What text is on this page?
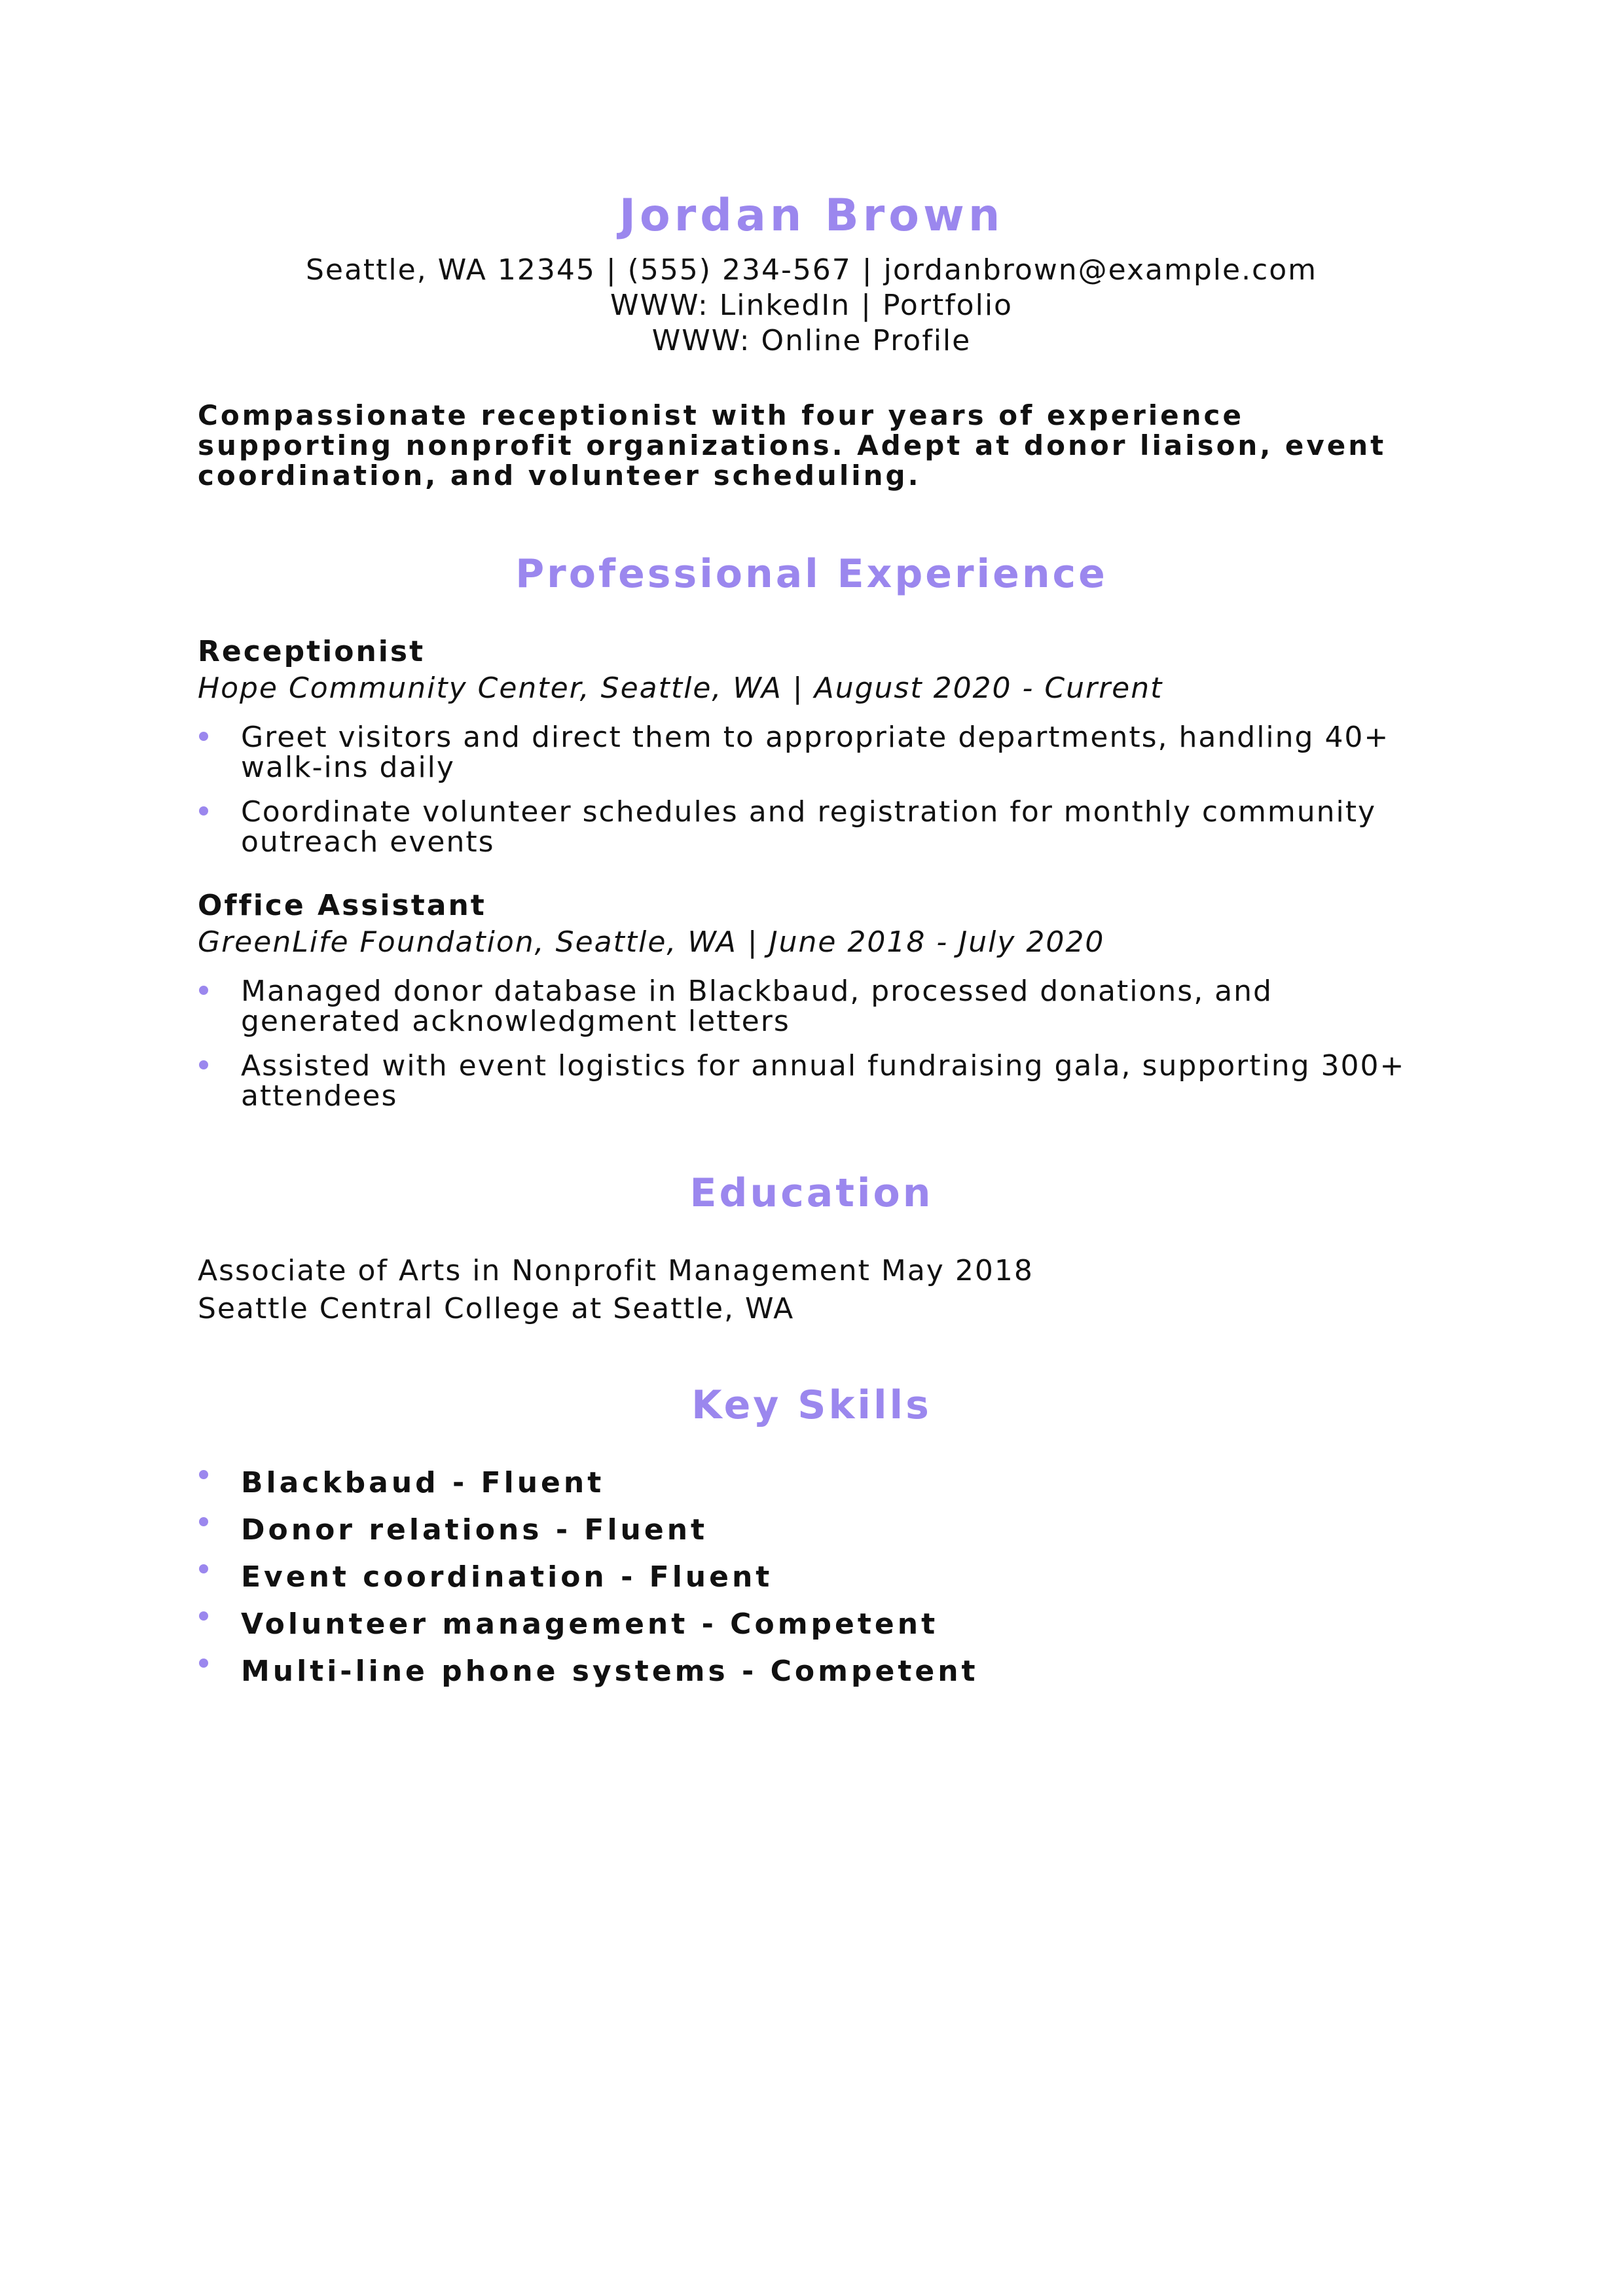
Jordan Brown
Seattle, WA 12345 | (555) 234-567 | jordanbrown@example.com
WWW: LinkedIn | Portfolio
WWW: Online Profile
Compassionate receptionist with four years of experience supporting nonprofit organizations. Adept at donor liaison, event coordination, and volunteer scheduling.
Professional Experience
Receptionist
Hope Community Center, Seattle, WA | August 2020 - Current
Greet visitors and direct them to appropriate departments, handling 40+ walk-ins daily
Coordinate volunteer schedules and registration for monthly community outreach events
Office Assistant
GreenLife Foundation, Seattle, WA | June 2018 - July 2020
Managed donor database in Blackbaud, processed donations, and generated acknowledgment letters
Assisted with event logistics for annual fundraising gala, supporting 300+ attendees
Education
Associate of Arts in Nonprofit Management May 2018
Seattle Central College at Seattle, WA
Key Skills
Blackbaud - Fluent
Donor relations - Fluent
Event coordination - Fluent
Volunteer management - Competent
Multi-line phone systems - Competent
